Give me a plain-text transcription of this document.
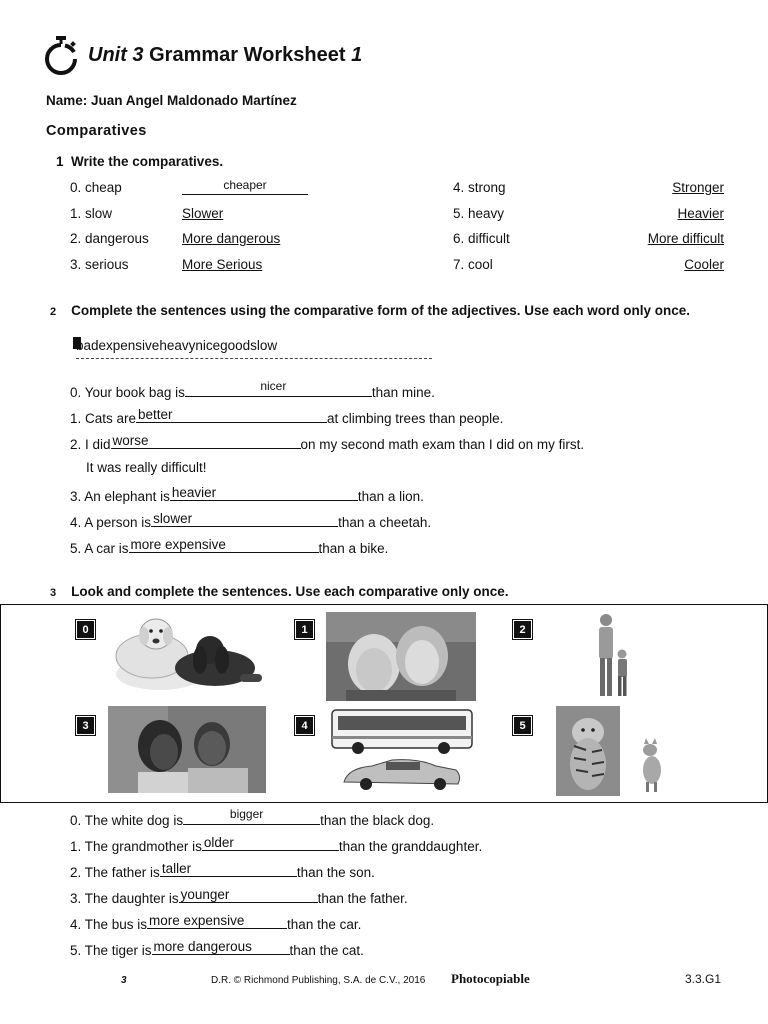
Unit 3 Grammar Worksheet 1
Name: Juan Angel Maldonado Martínez
Comparatives
1 Write the comparatives.
0. cheap	cheaper
1. slow	Slower
2. dangerous More dangerous
3. serious	More Serious
4. strong	Stronger
5. heavy	Heavier
6. difficult	More difficult
7. cool	Cooler
2 Complete the sentences using the comparative form of the adjectives. Use each word only once.
badexpensiveheavynicegoodslow
0. Your book bag is	nicer	than mine.
1. Cats are better	at climbing trees than people.
2. I did worse	on my second math exam than I did on my first.
It was really difficult!
3. An elephant is heavier	than a lion.
4. A person is slower	than a cheetah.
5. A car is more expensive	than a bike.
3 Look and complete the sentences. Use each comparative only once.
0	1	2
3	4	5
0. The white dog is	bigger	than the black dog.
1. The grandmother is older	than the granddaughter.
2. The father is taller	than the son.
3. The daughter is younger	than the father.
4. The bus is more expensive	than the car.
5. The tiger is more dangerous	than the cat.
3	D.R. © Richmond Publishing, S.A. de C.V., 2016 Photocopiable	3.3.G1
